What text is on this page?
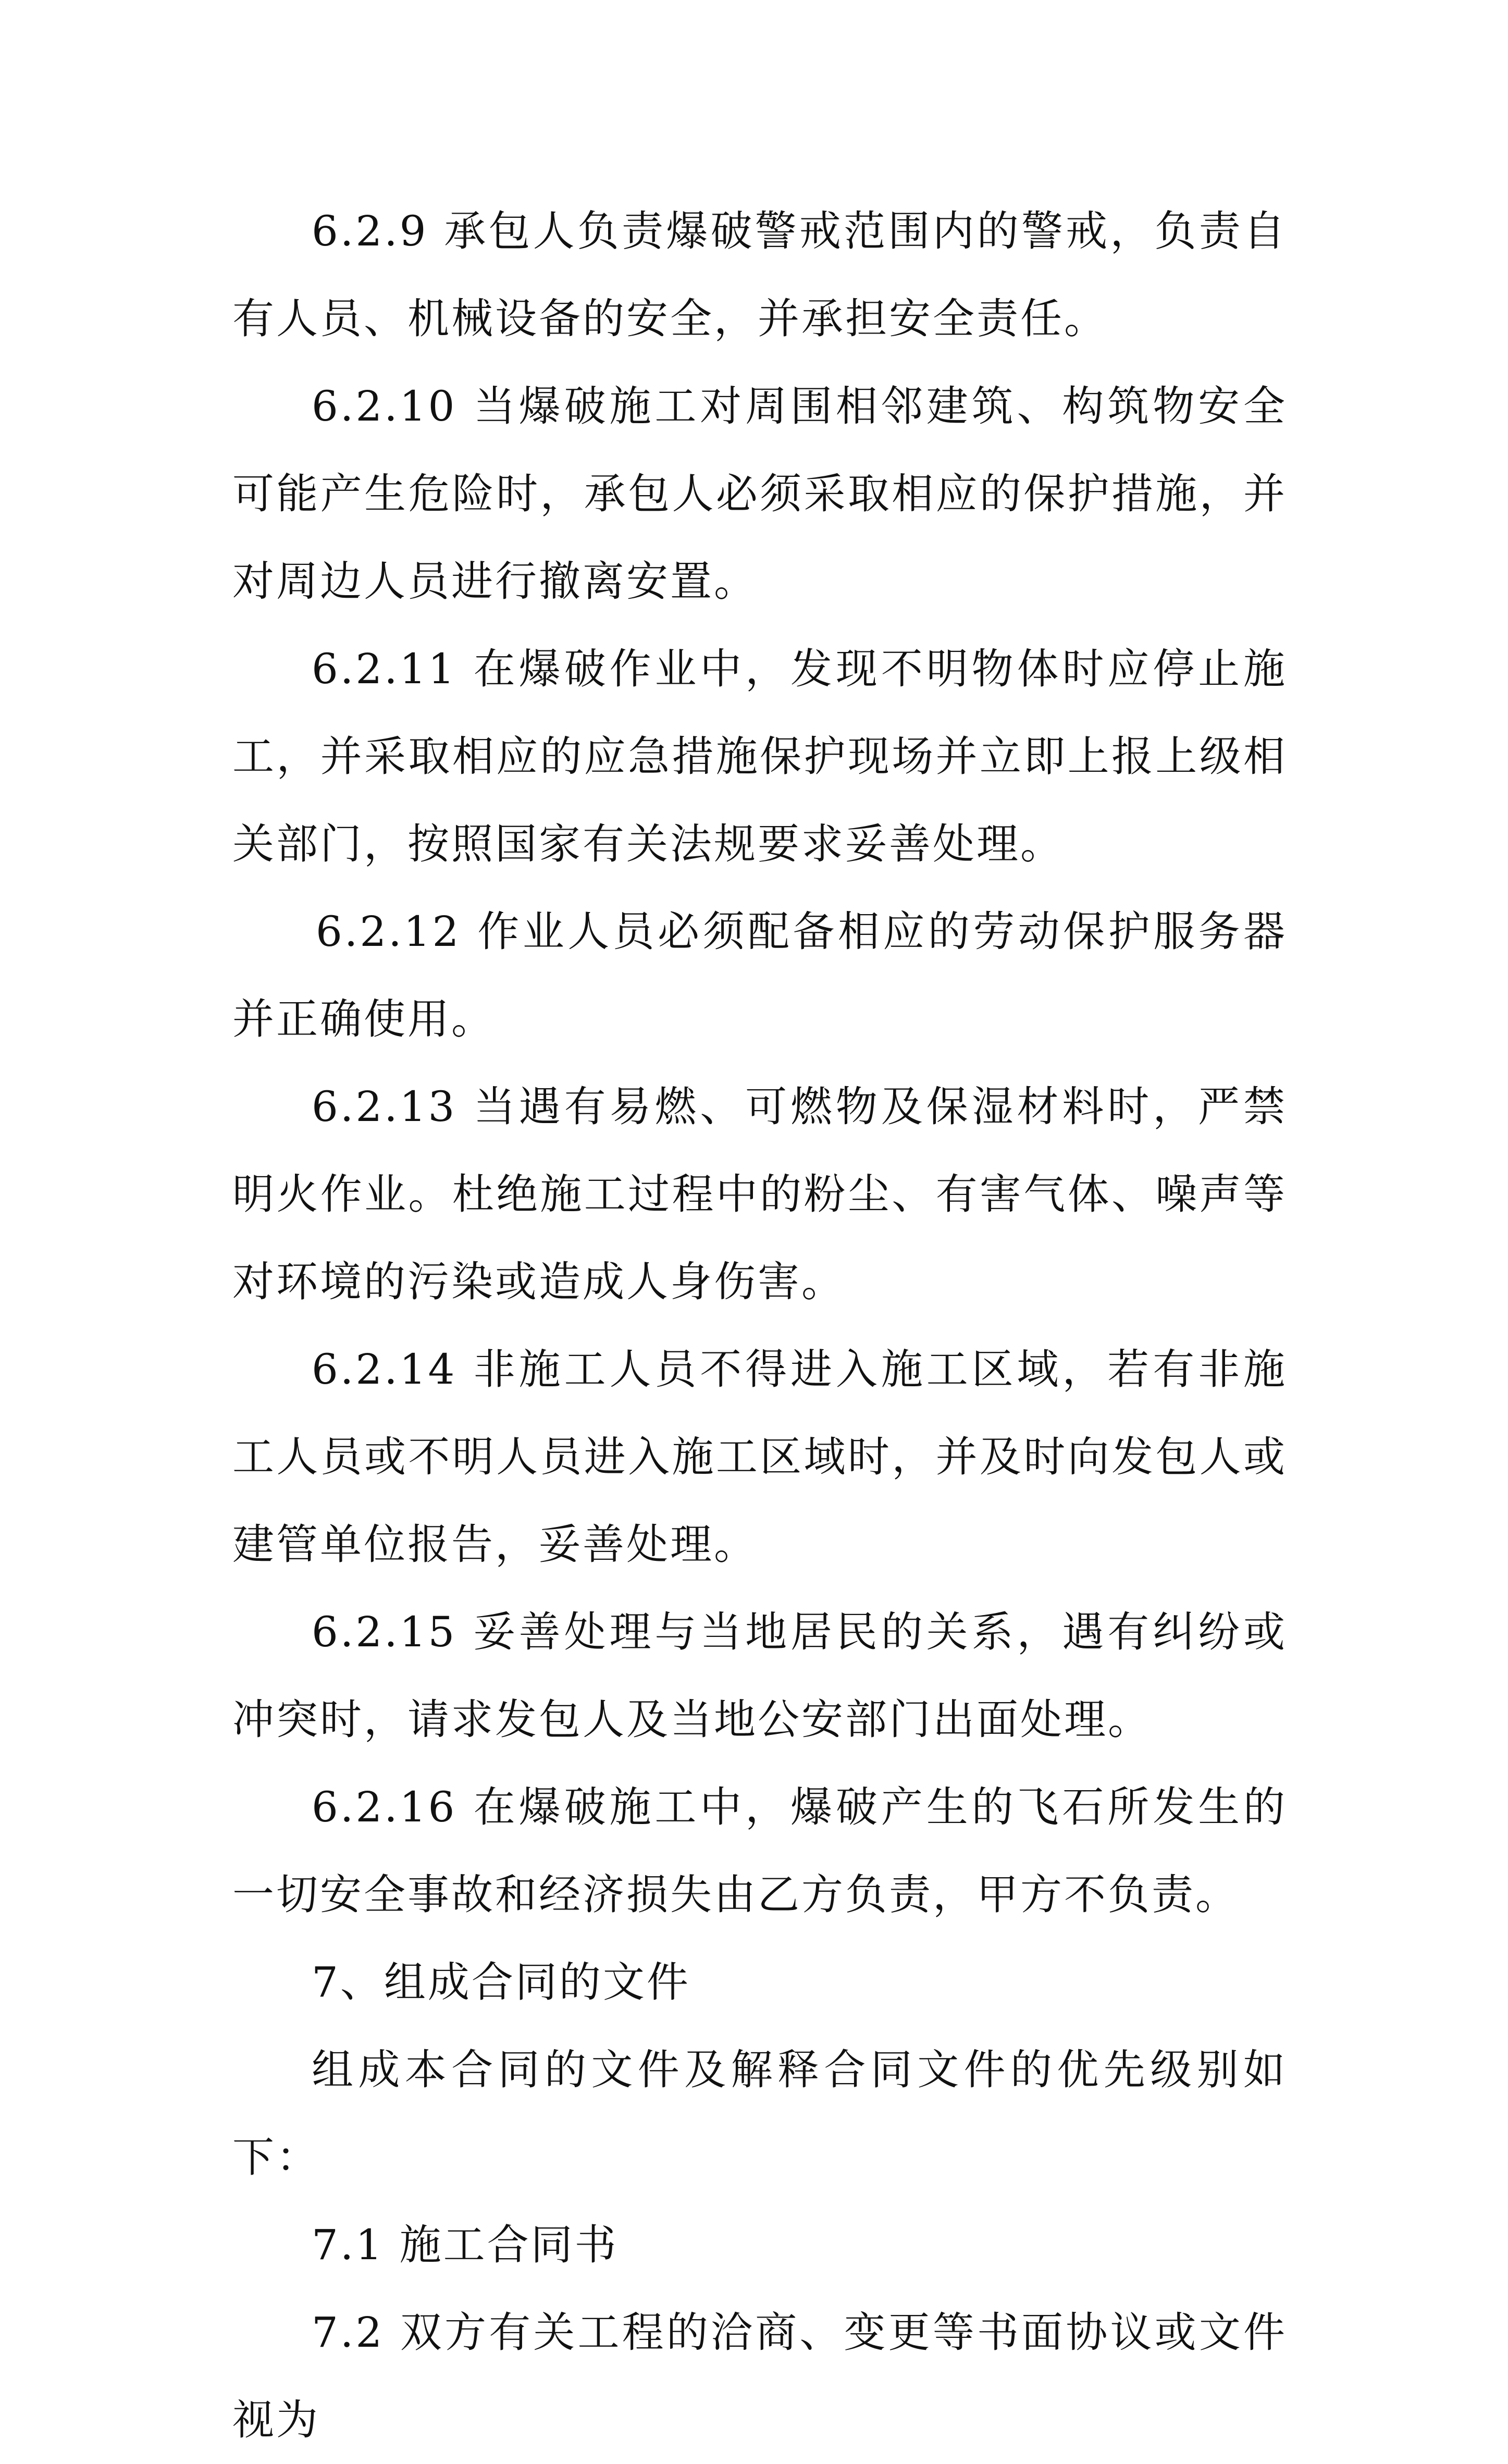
6.2.9 承包人负责爆破警戒范围内的警戒，负责自有人员、机械设备的安全，并承担安全责任。

6.2.10 当爆破施工对周围相邻建筑、构筑物安全可能产生危险时，承包人必须采取相应的保护措施，并对周边人员进行撤离安置。

6.2.11 在爆破作业中，发现不明物体时应停止施工，并采取相应的应急措施保护现场并立即上报上级相关部门，按照国家有关法规要求妥善处理。

6.2.12 作业人员必须配备相应的劳动保护服务器并正确使用。

6.2.13 当遇有易燃、可燃物及保湿材料时，严禁明火作业。杜绝施工过程中的粉尘、有害气体、噪声等对环境的污染或造成人身伤害。

6.2.14 非施工人员不得进入施工区域，若有非施工人员或不明人员进入施工区域时，并及时向发包人或建管单位报告，妥善处理。

6.2.15 妥善处理与当地居民的关系，遇有纠纷或冲突时，请求发包人及当地公安部门出面处理。

6.2.16 在爆破施工中，爆破产生的飞石所发生的一切安全事故和经济损失由乙方负责，甲方不负责。

7、组成合同的文件

组成本合同的文件及解释合同文件的优先级别如下：

7.1 施工合同书

7.2 双方有关工程的洽商、变更等书面协议或文件视为
